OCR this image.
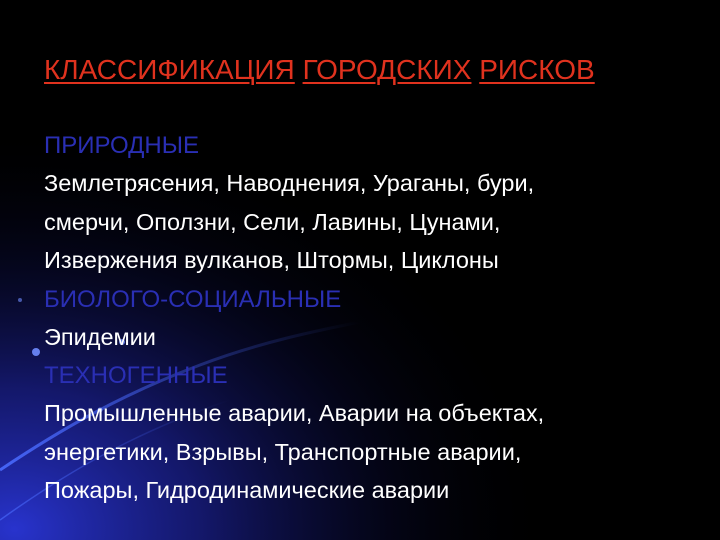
КЛАССИФИКАЦИЯ ГОРОДСКИХ РИСКОВ
ПРИРОДНЫЕ
Землетрясения, Наводнения, Ураганы, бури,
смерчи, Оползни, Сели, Лавины, Цунами,
Извержения вулканов, Штормы, Циклоны
БИОЛОГО-СОЦИАЛЬНЫЕ
Эпидемии
ТЕХНОГЕННЫЕ
Промышленные аварии, Аварии на объектах,
энергетики, Взрывы, Транспортные аварии,
Пожары, Гидродинамические аварии
